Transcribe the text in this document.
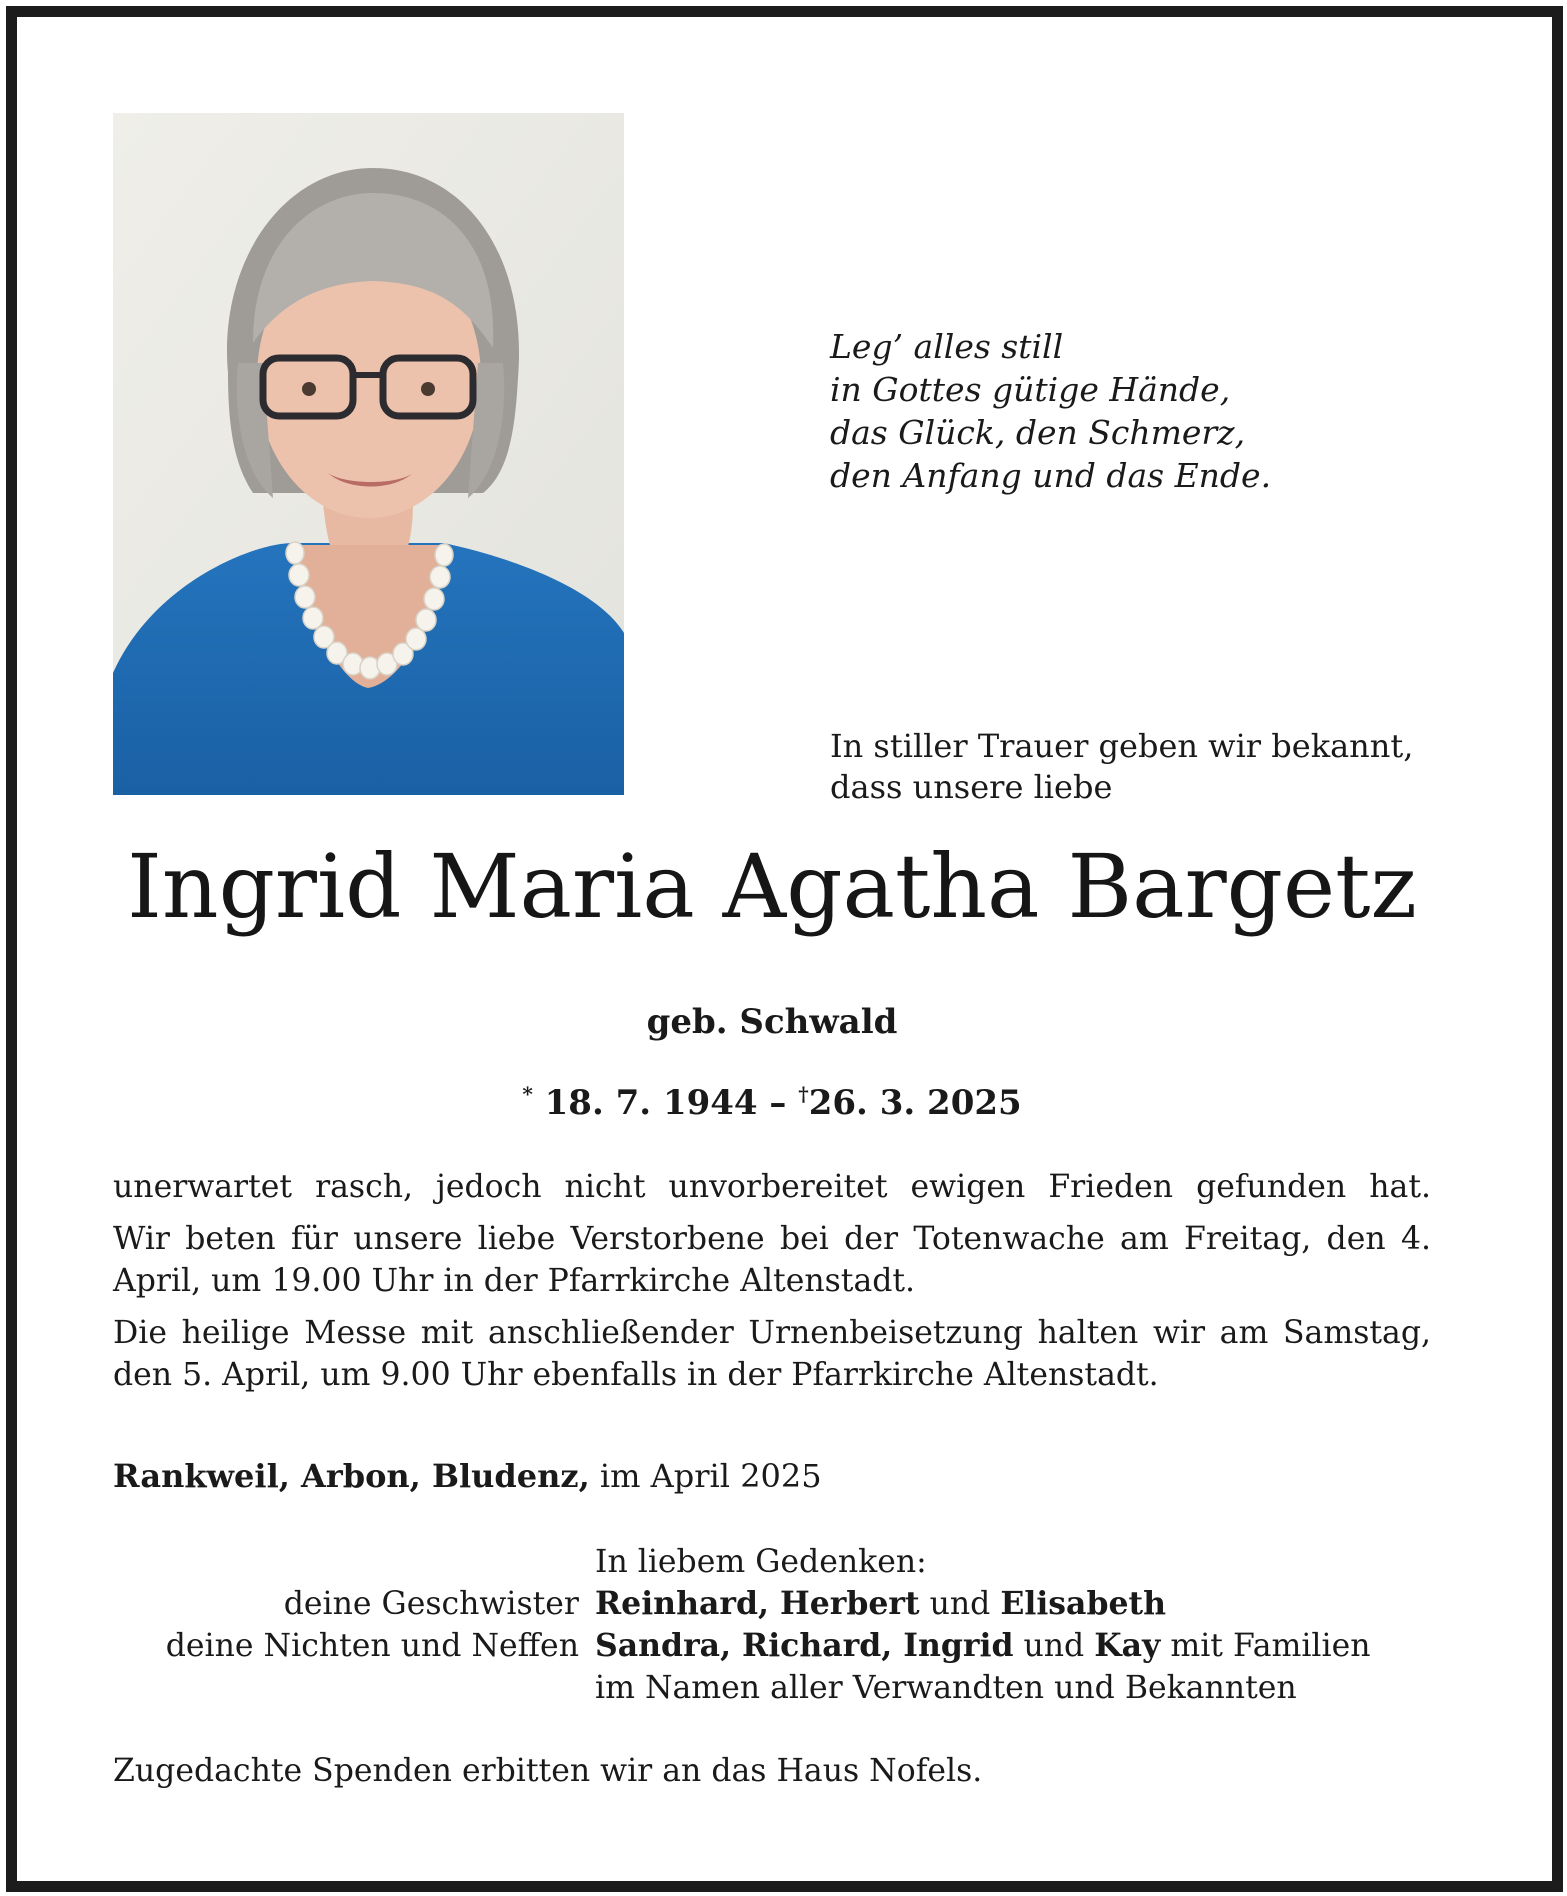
Leg’ alles still
in Gottes gütige Hände,
das Glück, den Schmerz,
den Anfang und das Ende.
In stiller Trauer geben wir bekannt,
dass unsere liebe
Ingrid Maria Agatha Bargetz
geb. Schwald
* 18. 7. 1944 – †26. 3. 2025

unerwartet rasch, jedoch nicht unvorbereitet ewigen Frieden gefunden hat.

Wir beten für unsere liebe Verstorbene bei der Totenwache am Freitag, den 4. April, um 19.00 Uhr in der Pfarrkirche Altenstadt.

Die heilige Messe mit anschließender Urnenbeisetzung halten wir am Samstag, den 5. April, um 9.00 Uhr ebenfalls in der Pfarrkirche Altenstadt.

Rankweil, Arbon, Bludenz, im April 2025
deine Geschwister
deine Nichten und Neffen
In liebem Gedenken:
Reinhard, Herbert und Elisabeth
Sandra, Richard, Ingrid und Kay mit Familien
im Namen aller Verwandten und Bekannten
Zugedachte Spenden erbitten wir an das Haus Nofels.
